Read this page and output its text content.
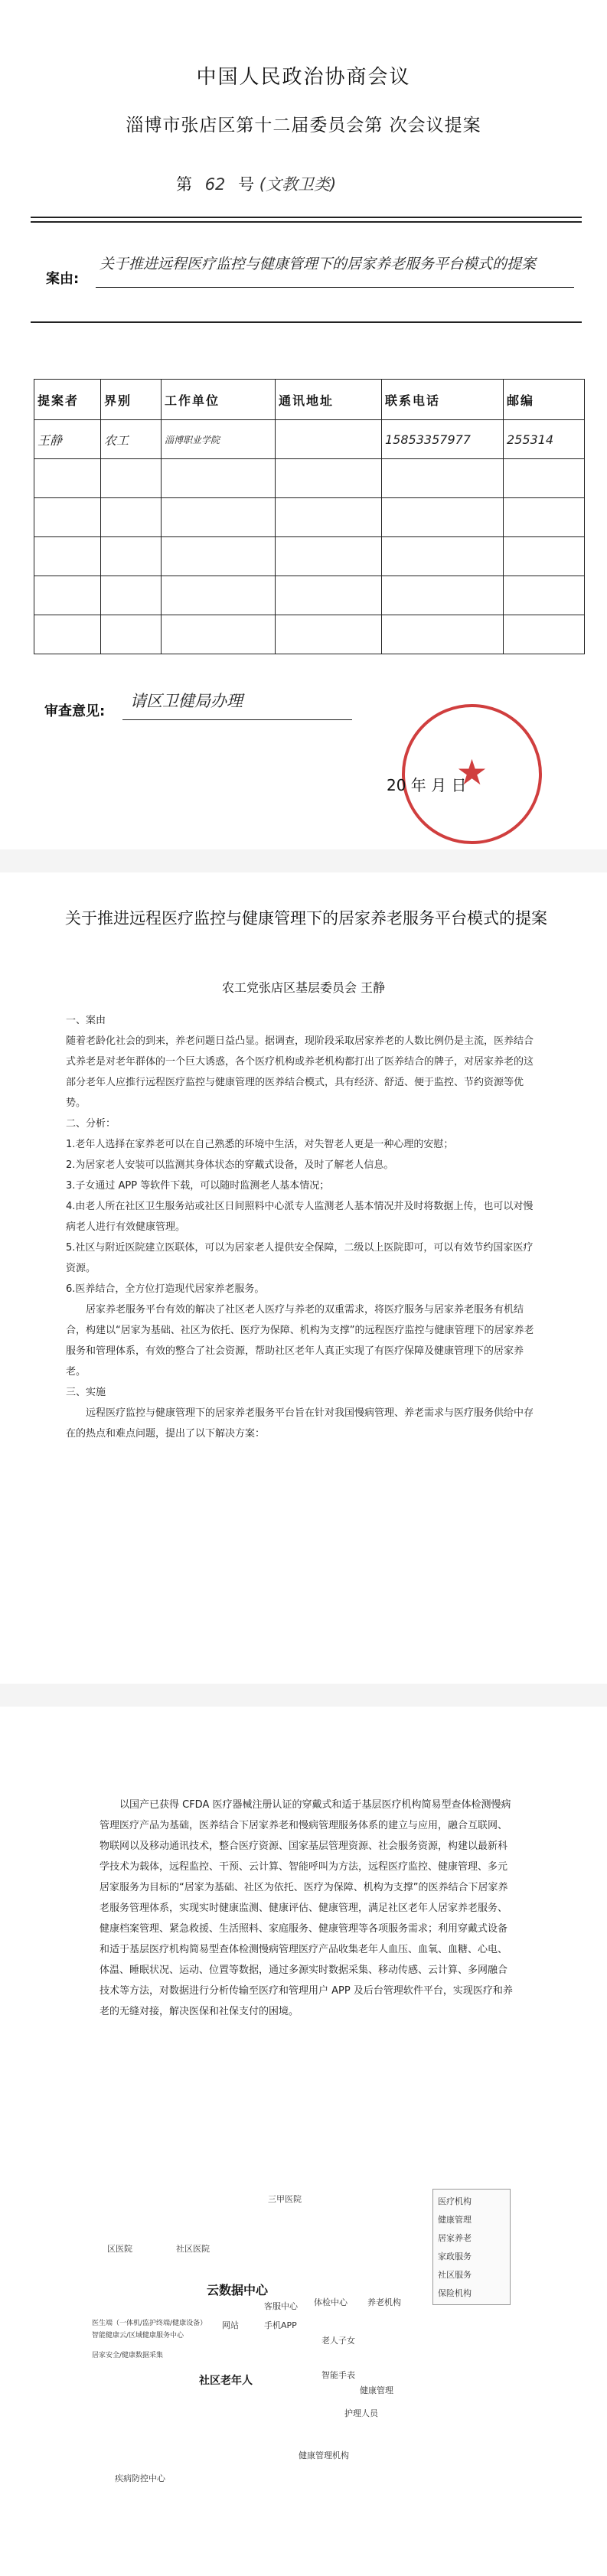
中国人民政治协商会议
淄博市张店区第十二届委员会第 次会议提案
第 62 号 (文教卫类)
案由:
关于推进远程医疗监控与健康管理下的居家养老服务平台模式的提案
提案者	界别	工作单位	通讯地址	联系电话	邮编
王静	农工	淄博职业学院		15853357977	255314

审查意见:
请区卫健局办理
★
20 年 月 日
关于推进远程医疗监控与健康管理下的居家养老服务平台模式的提案
农工党张店区基层委员会 王静

一、案由

随着老龄化社会的到来，养老问题日益凸显。据调查，现阶段采取居家养老的人数比例仍是主流，医养结合式养老是对老年群体的一个巨大诱惑，各个医疗机构或养老机构都打出了医养结合的牌子，对居家养老的这部分老年人应推行远程医疗监控与健康管理的医养结合模式，具有经济、舒适、便于监控、节约资源等优势。

二、分析：

1.老年人选择在家养老可以在自己熟悉的环境中生活，对失智老人更是一种心理的安慰；

2.为居家老人安装可以监测其身体状态的穿戴式设备，及时了解老人信息。

3.子女通过 APP 等软件下载，可以随时监测老人基本情况；

4.由老人所在社区卫生服务站或社区日间照料中心派专人监测老人基本情况并及时将数据上传，也可以对慢病老人进行有效健康管理。

5.社区与附近医院建立医联体，可以为居家老人提供安全保障，二级以上医院即可，可以有效节约国家医疗资源。

6.医养结合，全方位打造现代居家养老服务。

居家养老服务平台有效的解决了社区老人医疗与养老的双重需求，将医疗服务与居家养老服务有机结合，构建以“居家为基础、社区为依托、医疗为保障、机构为支撑”的远程医疗监控与健康管理下的居家养老服务和管理体系，有效的整合了社会资源，帮助社区老年人真正实现了有医疗保障及健康管理下的居家养老。

三、实施

远程医疗监控与健康管理下的居家养老服务平台旨在针对我国慢病管理、养老需求与医疗服务供给中存在的热点和难点问题，提出了以下解决方案：

以国产已获得 CFDA 医疗器械注册认证的穿戴式和适于基层医疗机构简易型查体检测慢病管理医疗产品为基础，医养结合下居家养老和慢病管理服务体系的建立与应用，融合互联网、物联网以及移动通讯技术，整合医疗资源、国家基层管理资源、社会服务资源，构建以最新科学技术为载体，远程监控、干预、云计算、智能呼叫为方法，远程医疗监控、健康管理、多元居家服务为目标的“居家为基础、社区为依托、医疗为保障、机构为支撑”的医养结合下居家养老服务管理体系，实现实时健康监测、健康评估、健康管理，满足社区老年人居家养老服务、健康档案管理、紧急救援、生活照料、家庭服务、健康管理等各项服务需求；利用穿戴式设备和适于基层医疗机构简易型查体检测慢病管理医疗产品收集老年人血压、血氧、血糖、心电、体温、睡眠状况、运动、位置等数据，通过多源实时数据采集、移动传感、云计算、多网融合技术等方法，对数据进行分析传输至医疗和管理用户 APP 及后台管理软件平台，实现医疗和养老的无缝对接，解决医保和社保支付的困境。

三甲医院
区医院	社区医院
云数据中心
医生端（一体机/监护终端/健康设备）
智能健康云/区域健康服务中心
居家安全/健康数据采集
网站	手机APP
客服中心
社区老年人
老人子女
智能手表
健康管理
护理人员
体检中心 养老机构
健康管理机构
疾病防控中心
医疗机构
健康管理
居家养老
家政服务
社区服务
保险机构
